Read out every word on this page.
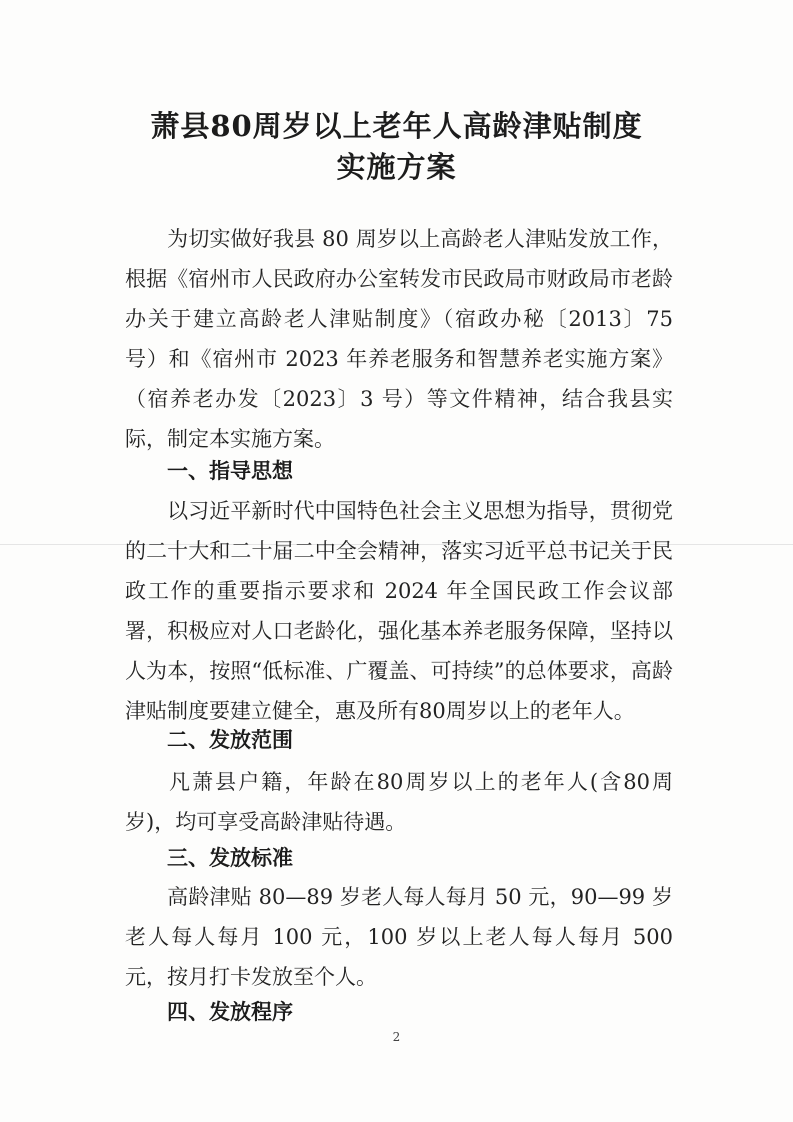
萧县80周岁以上老年人高龄津贴制度
实施方案
为切实做好我县 80 周岁以上高龄老人津贴发放工作，根据《宿州市人民政府办公室转发市民政局市财政局市老龄办关于建立高龄老人津贴制度》（宿政办秘〔2013〕75 号）和《宿州市 2023 年养老服务和智慧养老实施方案》（宿养老办发〔2023〕3 号）等文件精神，结合我县实际，制定本实施方案。
一、指导思想
以习近平新时代中国特色社会主义思想为指导，贯彻党的二十大和二十届二中全会精神，落实习近平总书记关于民政工作的重要指示要求和 2024 年全国民政工作会议部署，积极应对人口老龄化，强化基本养老服务保障，坚持以人为本，按照“低标准、广覆盖、可持续”的总体要求，高龄津贴制度要建立健全，惠及所有80周岁以上的老年人。
二、发放范围
凡萧县户籍，年龄在80周岁以上的老年人(含80周岁)，均可享受高龄津贴待遇。
三、发放标准
高龄津贴 80—89 岁老人每人每月 50 元，90—99 岁老人每人每月 100 元，100 岁以上老人每人每月 500 元，按月打卡发放至个人。
四、发放程序
2
